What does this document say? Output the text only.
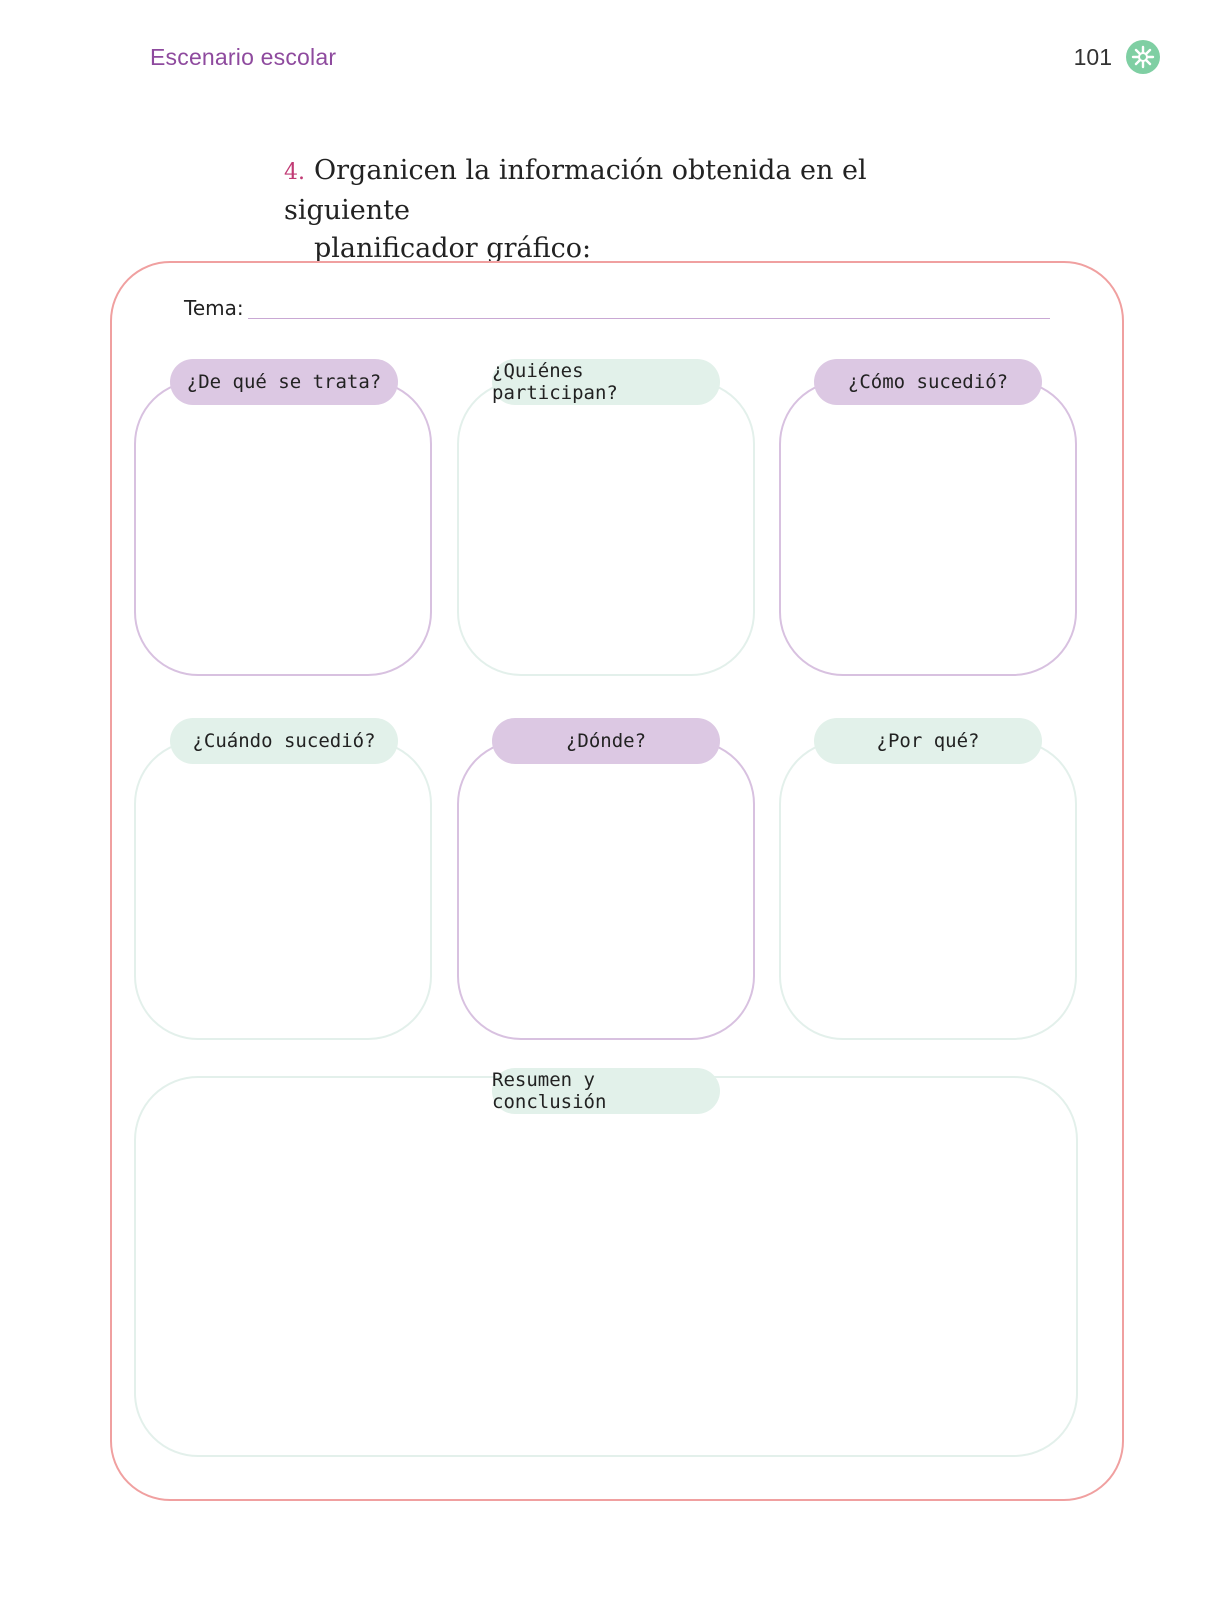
Escenario escolar	101
4. Organicen la información obtenida en el siguiente
planificador gráfico:
Tema:
¿De qué se trata?	¿Quiénes participan?	¿Cómo sucedió?
¿Cuándo sucedió?	¿Dónde?	¿Por qué?
Resumen y conclusión
